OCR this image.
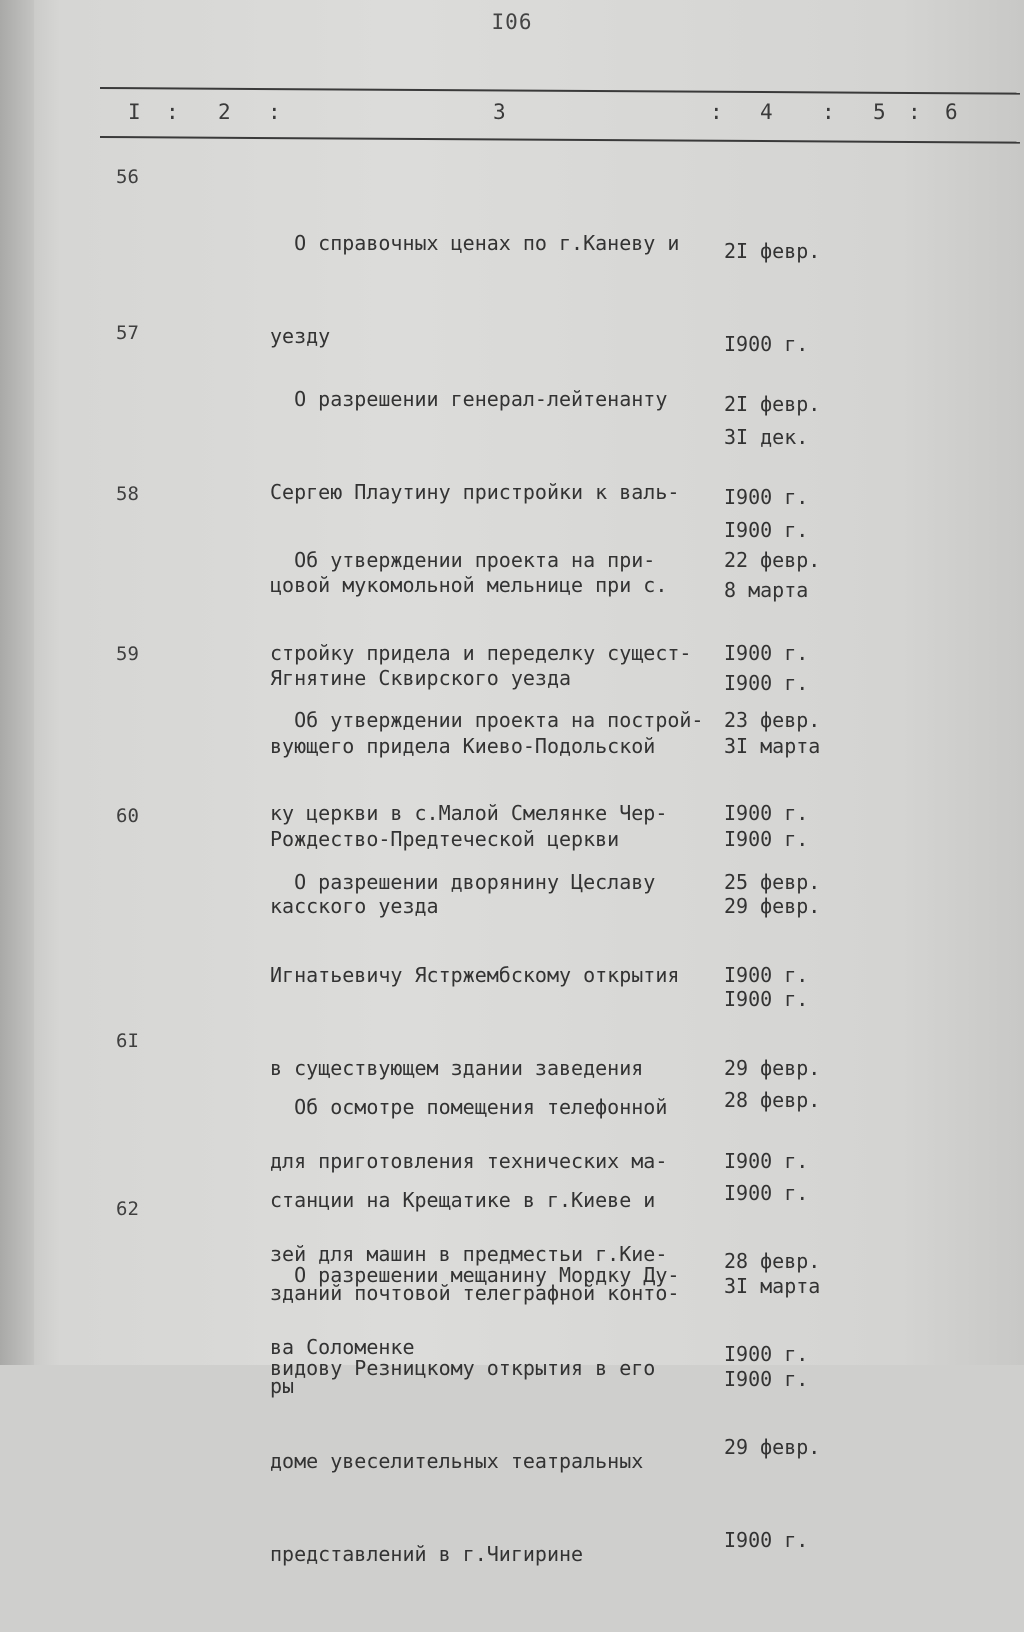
I06
I : 2 :	3	: 4 : 5 : 6
56

О справочных ценах по г.Каневу и

уезду

2I февр.

I900 г.

3I дек.

I900 г.

57

О разрешении генерал-лейтенанту

Сергею Плаутину пристройки к валь-

цовой мукомольной мельнице при с.

Ягнятине Сквирского уезда

2I февр.

I900 г.

8 марта

I900 г.

58

Об утверждении проекта на при-

стройку придела и переделку сущест-

вующего придела Киево-Подольской

Рождество-Предтеческой церкви

22 февр.

I900 г.

3I марта

I900 г.

59

Об утверждении проекта на построй-

ку церкви в с.Малой Смелянке Чер-

касского уезда

23 февр.

I900 г.

29 февр.

I900 г.

60

О разрешении дворянину Цеславу

Игнатьевичу Ястржембскому открытия

в существующем здании заведения

для приготовления технических ма-

зей для машин в предместьи г.Кие-

ва Соломенке

25 февр.

I900 г.

29 февр.

I900 г.

6I

Об осмотре помещения телефонной

станции на Крещатике в г.Киеве и

зданий почтовой телеграфной конто-

ры

28 февр.

I900 г.

3I марта

I900 г.

62

О разрешении мещанину Мордку Ду-

видову Резницкому открытия в его

доме увеселительных театральных

представлений в г.Чигирине

28 февр.

I900 г.

29 февр.

I900 г.
